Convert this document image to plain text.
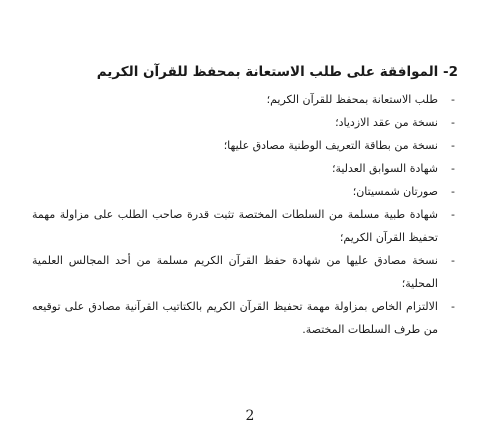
2- الموافقة على طلب الاستعانة بمحفظ للقرآن الكريم
-
طلب الاستعانة بمحفظ للقرآن الكريم؛
-
نسخة من عقد الازدياد؛
-
نسخة من بطاقة التعريف الوطنية مصادق عليها؛
-
شهادة السوابق العدلية؛
-
صورتان شمسيتان؛
-
شهادة طبية مسلمة من السلطات المختصة تثبت قدرة صاحب الطلب على مزاولة مهمة تحفيظ القرآن الكريم؛
-
نسخة مصادق عليها من شهادة حفظ القرآن الكريم مسلمة من أحد المجالس العلمية المحلية؛
-
الالتزام الخاص بمزاولة مهمة تحفيظ القرآن الكريم بالكتاتيب القرآنية مصادق على توقيعه من طرف السلطات المختصة.
2
